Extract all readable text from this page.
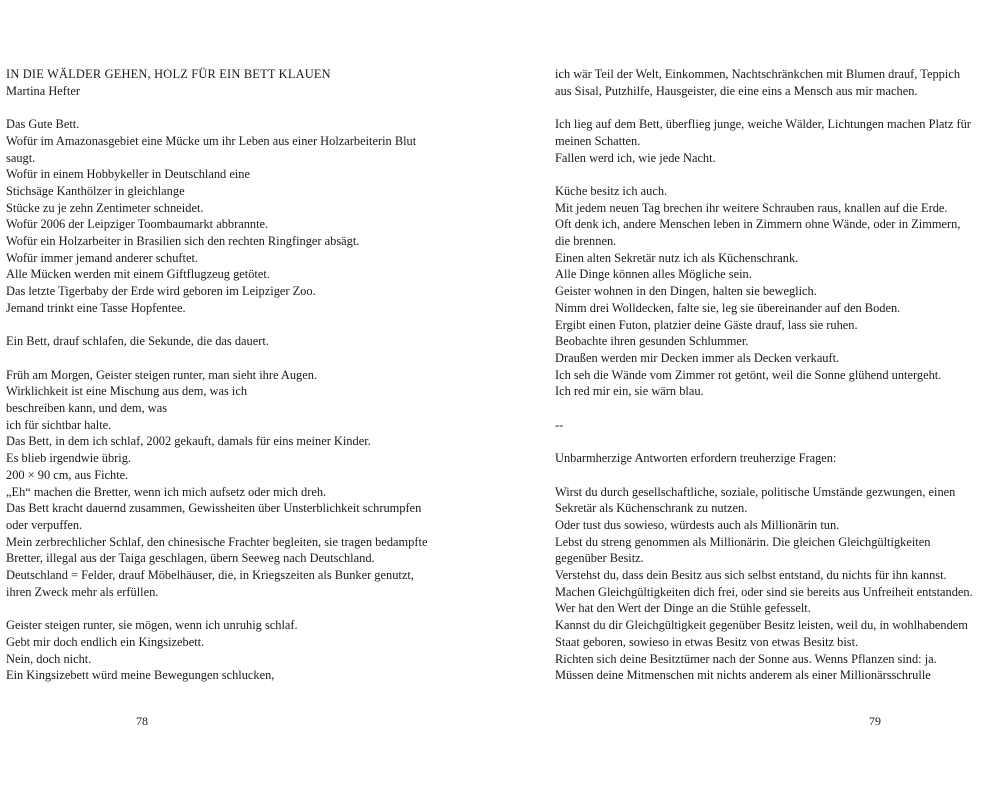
IN DIE WÄLDER GEHEN, HOLZ FÜR EIN BETT KLAUEN
Martina Hefter
Das Gute Bett.
Wofür im Amazonasgebiet eine Mücke um ihr Leben aus einer Holzarbeiterin Blut
saugt.
Wofür in einem Hobbykeller in Deutschland eine
Stichsäge Kanthölzer in gleichlange
Stücke zu je zehn Zentimeter schneidet.
Wofür 2006 der Leipziger Toombaumarkt abbrannte.
Wofür ein Holzarbeiter in Brasilien sich den rechten Ringfinger absägt.
Wofür immer jemand anderer schuftet.
Alle Mücken werden mit einem Giftflugzeug getötet.
Das letzte Tigerbaby der Erde wird geboren im Leipziger Zoo.
Jemand trinkt eine Tasse Hopfentee.
Ein Bett, drauf schlafen, die Sekunde, die das dauert.
Früh am Morgen, Geister steigen runter, man sieht ihre Augen.
Wirklichkeit ist eine Mischung aus dem, was ich
beschreiben kann, und dem, was
ich für sichtbar halte.
Das Bett, in dem ich schlaf, 2002 gekauft, damals für eins meiner Kinder.
Es blieb irgendwie übrig.
200 × 90 cm, aus Fichte.
„Eh“ machen die Bretter, wenn ich mich aufsetz oder mich dreh.
Das Bett kracht dauernd zusammen, Gewissheiten über Unsterblichkeit schrumpfen
oder verpuffen.
Mein zerbrechlicher Schlaf, den chinesische Frachter begleiten, sie tragen bedampfte
Bretter, illegal aus der Taiga geschlagen, übern Seeweg nach Deutschland.
Deutschland = Felder, drauf Möbelhäuser, die, in Kriegszeiten als Bunker genutzt,
ihren Zweck mehr als erfüllen.
Geister steigen runter, sie mögen, wenn ich unruhig schlaf.
Gebt mir doch endlich ein Kingsizebett.
Nein, doch nicht.
Ein Kingsizebett würd meine Bewegungen schlucken,
ich wär Teil der Welt, Einkommen, Nachtschränkchen mit Blumen drauf, Teppich
aus Sisal, Putzhilfe, Hausgeister, die eine eins a Mensch aus mir machen.
Ich lieg auf dem Bett, überflieg junge, weiche Wälder, Lichtungen machen Platz für
meinen Schatten.
Fallen werd ich, wie jede Nacht.
Küche besitz ich auch.
Mit jedem neuen Tag brechen ihr weitere Schrauben raus, knallen auf die Erde.
Oft denk ich, andere Menschen leben in Zimmern ohne Wände, oder in Zimmern,
die brennen.
Einen alten Sekretär nutz ich als Küchenschrank.
Alle Dinge können alles Mögliche sein.
Geister wohnen in den Dingen, halten sie beweglich.
Nimm drei Wolldecken, falte sie, leg sie übereinander auf den Boden.
Ergibt einen Futon, platzier deine Gäste drauf, lass sie ruhen.
Beobachte ihren gesunden Schlummer.
Draußen werden mir Decken immer als Decken verkauft.
Ich seh die Wände vom Zimmer rot getönt, weil die Sonne glühend untergeht.
Ich red mir ein, sie wärn blau.
--
Unbarmherzige Antworten erfordern treuherzige Fragen:
Wirst du durch gesellschaftliche, soziale, politische Umstände gezwungen, einen
Sekretär als Küchenschrank zu nutzen.
Oder tust dus sowieso, würdests auch als Millionärin tun.
Lebst du streng genommen als Millionärin. Die gleichen Gleichgültigkeiten
gegenüber Besitz.
Verstehst du, dass dein Besitz aus sich selbst entstand, du nichts für ihn kannst.
Machen Gleichgültigkeiten dich frei, oder sind sie bereits aus Unfreiheit entstanden.
Wer hat den Wert der Dinge an die Stühle gefesselt.
Kannst du dir Gleichgültigkeit gegenüber Besitz leisten, weil du, in wohlhabendem
Staat geboren, sowieso in etwas Besitz von etwas Besitz bist.
Richten sich deine Besitztümer nach der Sonne aus. Wenns Pflanzen sind: ja.
Müssen deine Mitmenschen mit nichts anderem als einer Millionärsschrulle
78	79
